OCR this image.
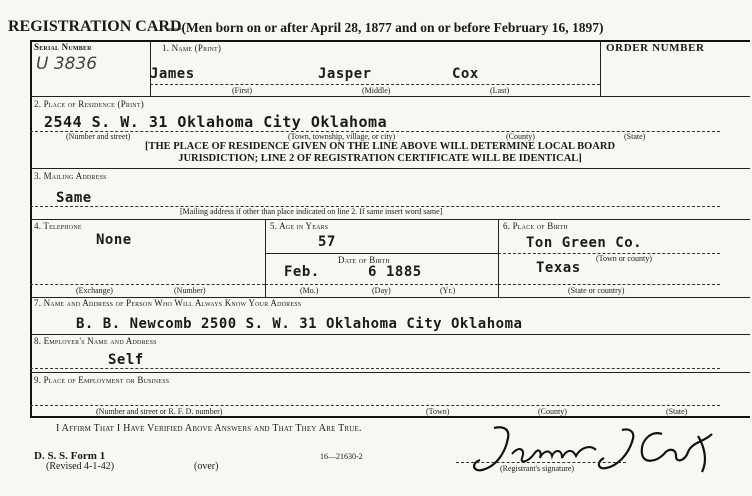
REGISTRATION CARD
—(Men born on or after April 28, 1877 and on or before February 16, 1897)
Serial Number
U 3836
1. Name (Print)	ORDER NUMBER
James	Jasper	Cox
(First)	(Middle)	(Last)
2. Place of Residence (Print)
2544 S. W. 31 Oklahoma City Oklahoma
(Number and street)	(Town, township, village, or city)	(County)	(State)
[THE PLACE OF RESIDENCE GIVEN ON THE LINE ABOVE WILL DETERMINE LOCAL BOARD
JURISDICTION; LINE 2 OF REGISTRATION CERTIFICATE WILL BE IDENTICAL]
3. Mailing Address
Same
[Mailing address if other than place indicated on line 2. If same insert word same]
4. Telephone
None
(Exchange)	(Number)
5. Age in Years
57
Date of Birth
Feb.	6 1885
(Mo.)	(Day)	(Yr.)
6. Place of Birth
Ton Green Co.
(Town or county)
Texas
(State or country)
7. Name and Address of Person Who Will Always Know Your Address
B. B. Newcomb 2500 S. W. 31 Oklahoma City Oklahoma
8. Employer's Name and Address
Self
9. Place of Employment or Business
(Number and street or R. F. D. number)	(Town)	(County)	(State)
I Affirm That I Have Verified Above Answers and That They Are True.
(Registrant's signature)
D. S. S. Form 1
(Revised 4-1-42)	(over)
16—21630-2
